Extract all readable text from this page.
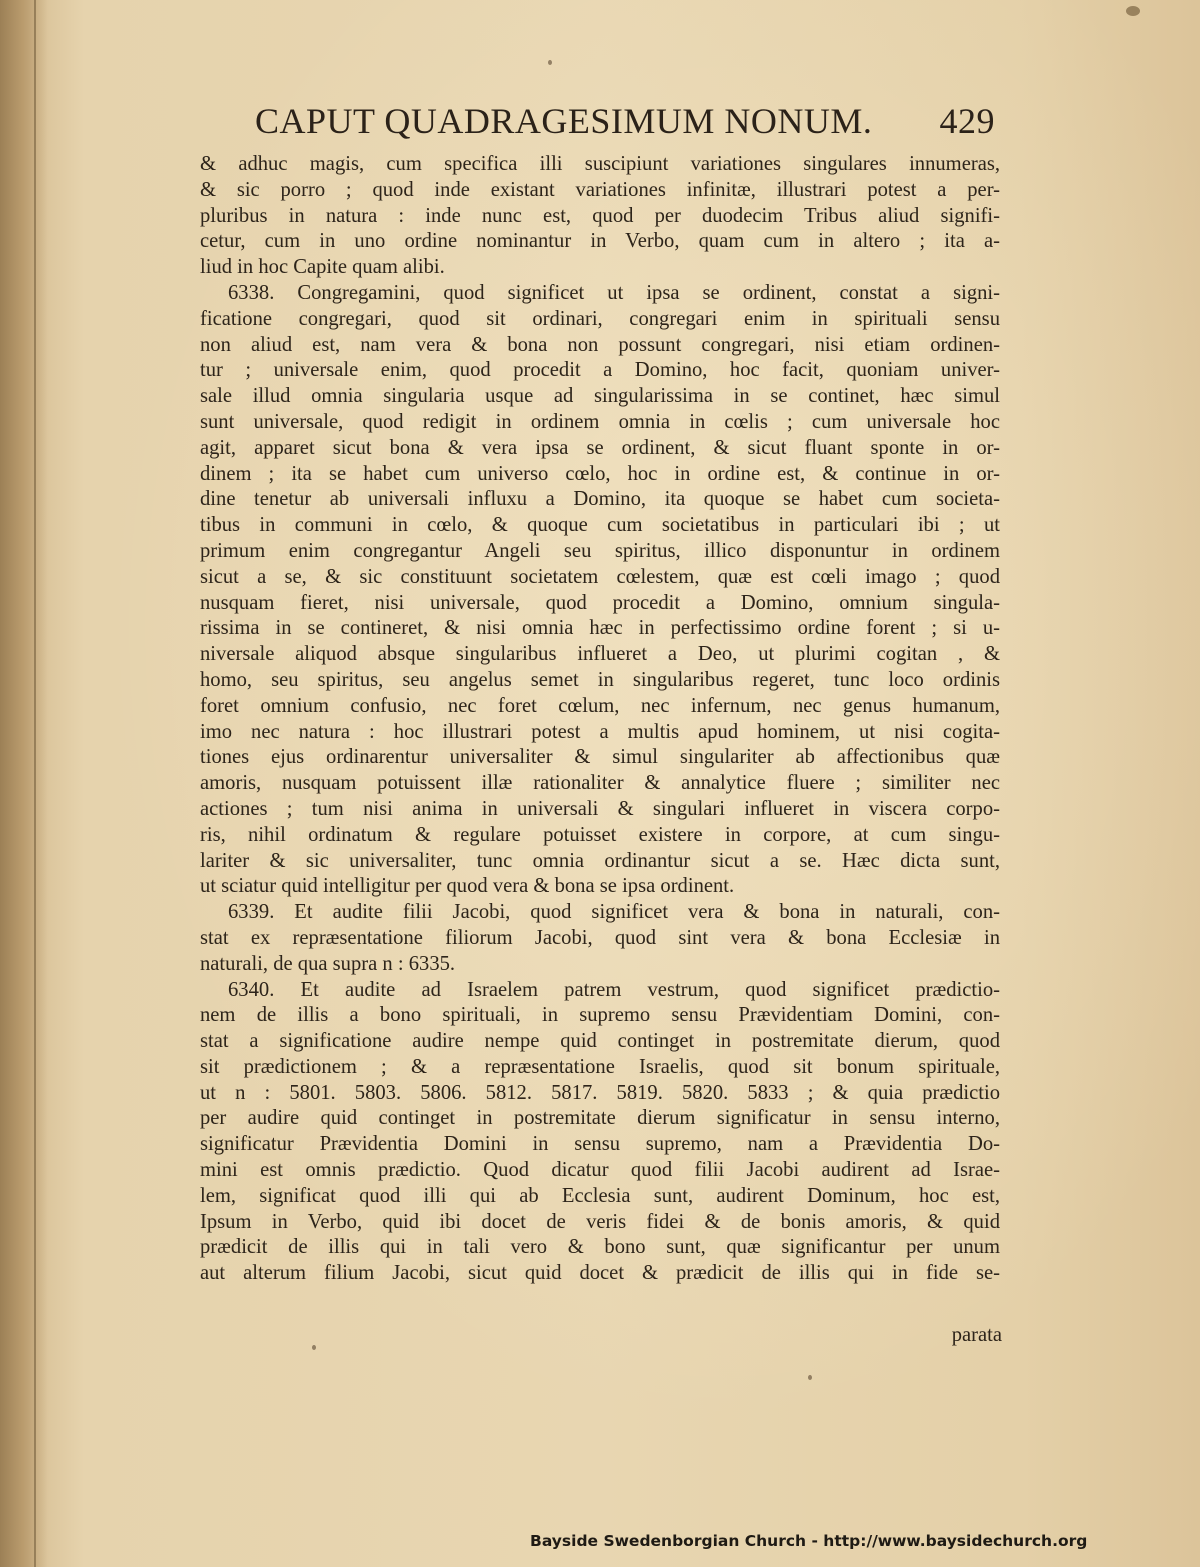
CAPUT QUADRAGESIMUM NONUM. 429
& adhuc magis, cum specifica illi suscipiunt variationes singulares innumeras,
& sic porro ; quod inde existant variationes infinitæ, illustrari potest a per-
pluribus in natura : inde nunc est, quod per duodecim Tribus aliud signifi-
cetur, cum in uno ordine nominantur in Verbo, quam cum in altero ; ita a-
liud in hoc Capite quam alibi.
6338. Congregamini, quod significet ut ipsa se ordinent, constat a signi-
ficatione congregari, quod sit ordinari, congregari enim in spirituali sensu
non aliud est, nam vera & bona non possunt congregari, nisi etiam ordinen-
tur ; universale enim, quod procedit a Domino, hoc facit, quoniam univer-
sale illud omnia singularia usque ad singularissima in se continet, hæc simul
sunt universale, quod redigit in ordinem omnia in cœlis ; cum universale hoc
agit, apparet sicut bona & vera ipsa se ordinent, & sicut fluant sponte in or-
dinem ; ita se habet cum universo cœlo, hoc in ordine est, & continue in or-
dine tenetur ab universali influxu a Domino, ita quoque se habet cum societa-
tibus in communi in cœlo, & quoque cum societatibus in particulari ibi ; ut
primum enim congregantur Angeli seu spiritus, illico disponuntur in ordinem
sicut a se, & sic constituunt societatem cœlestem, quæ est cœli imago ; quod
nusquam fieret, nisi universale, quod procedit a Domino, omnium singula-
rissima in se contineret, & nisi omnia hæc in perfectissimo ordine forent ; si u-
niversale aliquod absque singularibus influeret a Deo, ut plurimi cogitan , &
homo, seu spiritus, seu angelus semet in singularibus regeret, tunc loco ordinis
foret omnium confusio, nec foret cœlum, nec infernum, nec genus humanum,
imo nec natura : hoc illustrari potest a multis apud hominem, ut nisi cogita-
tiones ejus ordinarentur universaliter & simul singulariter ab affectionibus quæ
amoris, nusquam potuissent illæ rationaliter & annalytice fluere ; similiter nec
actiones ; tum nisi anima in universali & singulari influeret in viscera corpo-
ris, nihil ordinatum & regulare potuisset existere in corpore, at cum singu-
lariter & sic universaliter, tunc omnia ordinantur sicut a se. Hæc dicta sunt,
ut sciatur quid intelligitur per quod vera & bona se ipsa ordinent.
6339. Et audite filii Jacobi, quod significet vera & bona in naturali, con-
stat ex repræsentatione filiorum Jacobi, quod sint vera & bona Ecclesiæ in
naturali, de qua supra n : 6335.
6340. Et audite ad Israelem patrem vestrum, quod significet prædictio-
nem de illis a bono spirituali, in supremo sensu Prævidentiam Domini, con-
stat a significatione audire nempe quid continget in postremitate dierum, quod
sit prædictionem ; & a repræsentatione Israelis, quod sit bonum spirituale,
ut n : 5801. 5803. 5806. 5812. 5817. 5819. 5820. 5833 ; & quia prædictio
per audire quid continget in postremitate dierum significatur in sensu interno,
significatur Prævidentia Domini in sensu supremo, nam a Prævidentia Do-
mini est omnis prædictio. Quod dicatur quod filii Jacobi audirent ad Israe-
lem, significat quod illi qui ab Ecclesia sunt, audirent Dominum, hoc est,
Ipsum in Verbo, quid ibi docet de veris fidei & de bonis amoris, & quid
prædicit de illis qui in tali vero & bono sunt, quæ significantur per unum
aut alterum filium Jacobi, sicut quid docet & prædicit de illis qui in fide se-
parata
Bayside Swedenborgian Church - http://www.baysidechurch.org
